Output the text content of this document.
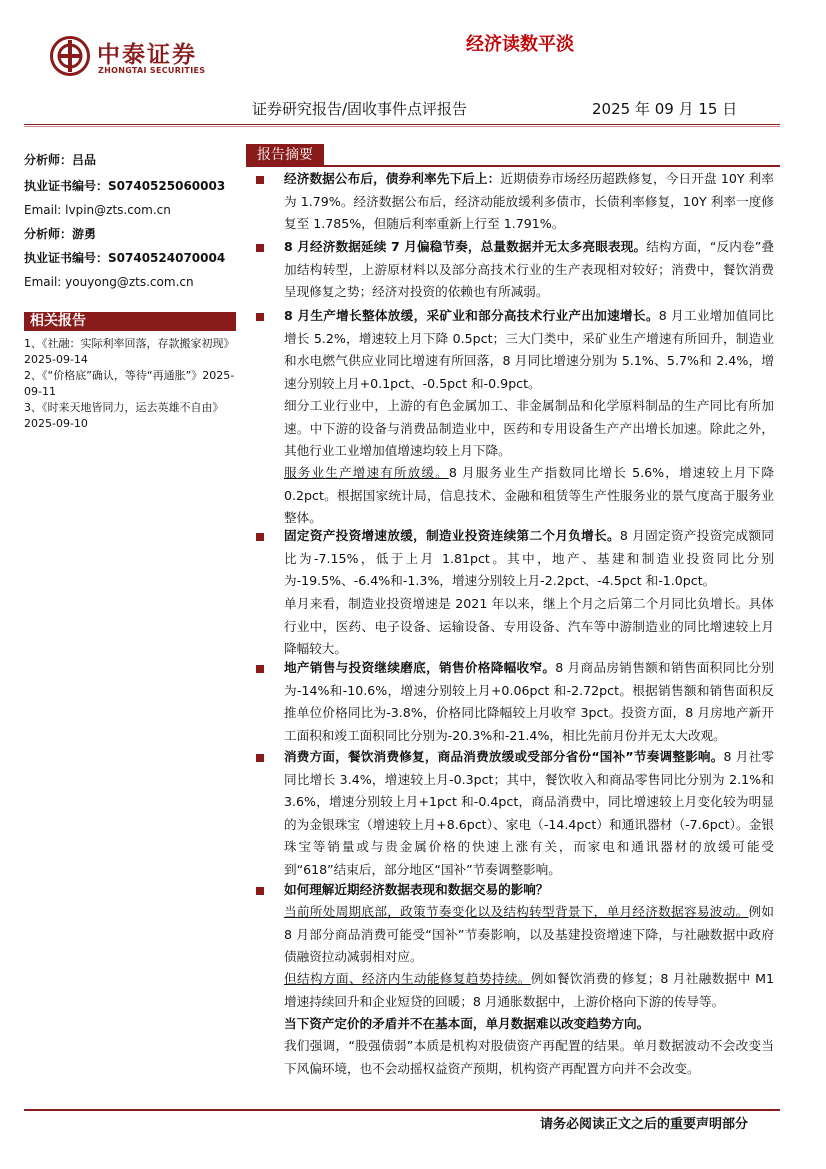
中泰证券
ZHONGTAI SECURITIES
经济读数平淡
证券研究报告/固收事件点评报告	2025 年 09 月 15 日
分析师：吕品
执业证书编号：S0740525060003
Email: lvpin@zts.com.cn
分析师：游勇
执业证书编号：S0740524070004
Email: youyong@zts.com.cn
相关报告
1、《社融：实际利率回落，存款搬家初现》2025-09-14
2、《“价格底”确认，等待“再通胀”》2025-09-11
3、《时来天地皆同力，运去英雄不自由》2025-09-10
报告摘要
经济数据公布后，债券利率先下后上：近期债券市场经历超跌修复，今日开盘 10Y 利率为 1.79%。经济数据公布后，经济动能放缓利多债市，长债利率修复，10Y 利率一度修复至 1.785%，但随后利率重新上行至 1.791%。
8 月经济数据延续 7 月偏稳节奏，总量数据并无太多亮眼表现。结构方面，“反内卷”叠加结构转型，上游原材料以及部分高技术行业的生产表现相对较好；消费中，餐饮消费呈现修复之势；经济对投资的依赖也有所减弱。
8 月生产增长整体放缓，采矿业和部分高技术行业产出加速增长。8 月工业增加值同比增长 5.2%，增速较上月下降 0.5pct；三大门类中，采矿业生产增速有所回升，制造业和水电燃气供应业同比增速有所回落，8 月同比增速分别为 5.1%、5.7%和 2.4%，增速分别较上月+0.1pct、-0.5pct 和-0.9pct。
细分工业行业中，上游的有色金属加工、非金属制品和化学原料制品的生产同比有所加速。中下游的设备与消费品制造业中，医药和专用设备生产产出增长加速。除此之外，其他行业工业增加值增速均较上月下降。
服务业生产增速有所放缓。8 月服务业生产指数同比增长 5.6%，增速较上月下降 0.2pct。根据国家统计局，信息技术、金融和租赁等生产性服务业的景气度高于服务业整体。
固定资产投资增速放缓，制造业投资连续第二个月负增长。8 月固定资产投资完成额同比为-7.15%，低于上月 1.81pct。其中，地产、基建和制造业投资同比分别为-19.5%、-6.4%和-1.3%，增速分别较上月-2.2pct、-4.5pct 和-1.0pct。
单月来看，制造业投资增速是 2021 年以来，继上个月之后第二个月同比负增长。具体行业中，医药、电子设备、运输设备、专用设备、汽车等中游制造业的同比增速较上月降幅较大。
地产销售与投资继续磨底，销售价格降幅收窄。8 月商品房销售额和销售面积同比分别为-14%和-10.6%，增速分别较上月+0.06pct 和-2.72pct。根据销售额和销售面积反推单位价格同比为-3.8%，价格同比降幅较上月收窄 3pct。投资方面，8 月房地产新开工面积和竣工面积同比分别为-20.3%和-21.4%，相比先前月份并无太大改观。
消费方面，餐饮消费修复，商品消费放缓或受部分省份“国补”节奏调整影响。8 月社零同比增长 3.4%，增速较上月-0.3pct；其中，餐饮收入和商品零售同比分别为 2.1%和 3.6%，增速分别较上月+1pct 和-0.4pct，商品消费中，同比增速较上月变化较为明显的为金银珠宝（增速较上月+8.6pct）、家电（-14.4pct）和通讯器材（-7.6pct）。金银珠宝等销量或与贵金属价格的快速上涨有关，而家电和通讯器材的放缓可能受到“618”结束后，部分地区“国补”节奏调整影响。
如何理解近期经济数据表现和数据交易的影响？
当前所处周期底部，政策节奏变化以及结构转型背景下，单月经济数据容易波动。例如 8 月部分商品消费可能受“国补”节奏影响，以及基建投资增速下降，与社融数据中政府债融资拉动减弱相对应。
但结构方面、经济内生动能修复趋势持续。例如餐饮消费的修复；8 月社融数据中 M1 增速持续回升和企业短贷的回暖；8 月通胀数据中，上游价格向下游的传导等。
当下资产定价的矛盾并不在基本面，单月数据难以改变趋势方向。
我们强调，“股强债弱”本质是机构对股债资产再配置的结果。单月数据波动不会改变当下风偏环境，也不会动摇权益资产预期，机构资产再配置方向并不会改变。
请务必阅读正文之后的重要声明部分
